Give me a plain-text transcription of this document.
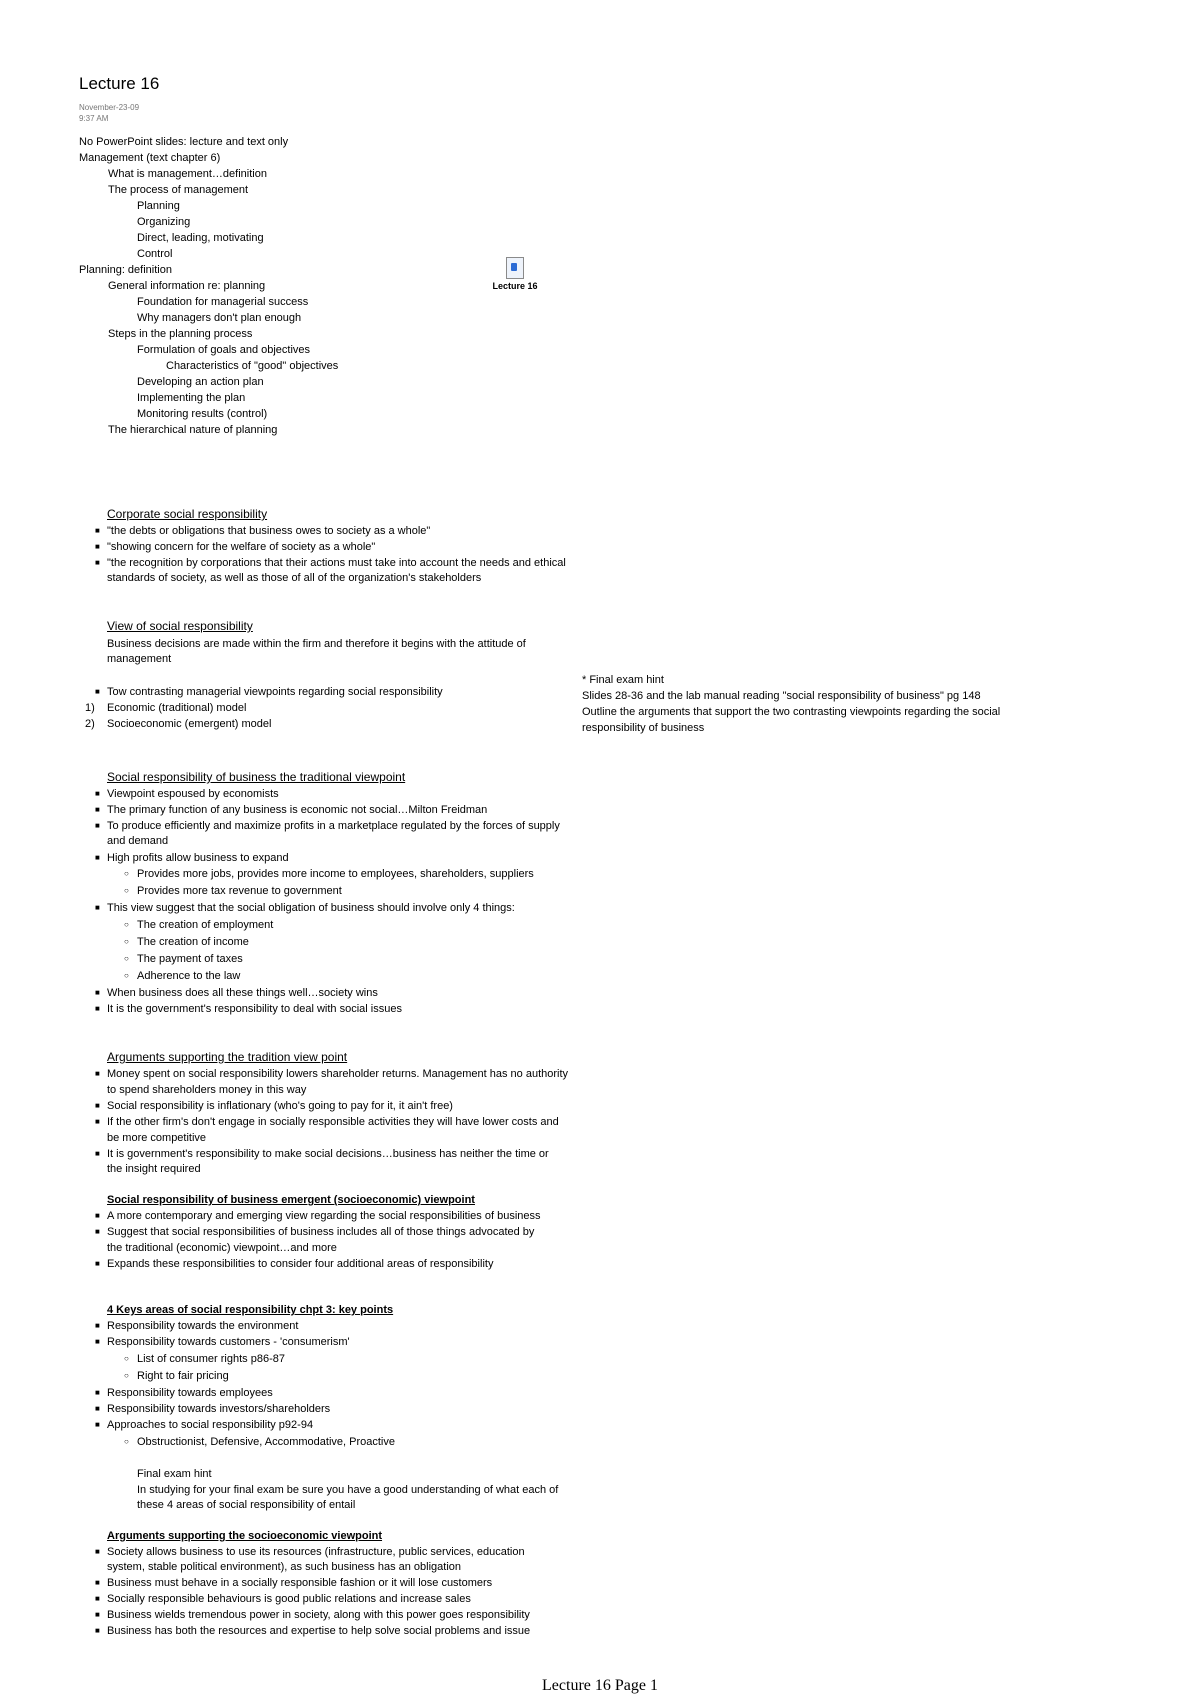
Lecture 16
November-23-09
9:37 AM
No PowerPoint slides: lecture and text only
Management (text chapter 6)
What is management…definition
The process of management
Planning
Organizing
Direct, leading, motivating
Control
Planning: definition
General information re: planning
Foundation for managerial success
Why managers don't plan enough
Steps in the planning process
Formulation of goals and objectives
Characteristics of "good" objectives
Developing an action plan
Implementing the plan
Monitoring results (control)
The hierarchical nature of planning
Lecture 16
Corporate social responsibility
■ "the debts or obligations that business owes to society as a whole"
■ "showing concern for the welfare of society as a whole"
■ "the recognition by corporations that their actions must take into account the needs and ethical
standards of society, as well as those of all of the organization's stakeholders
View of social responsibility
Business decisions are made within the firm and therefore it begins with the attitude of
management
■ Tow contrasting managerial viewpoints regarding social responsibility
1) Economic (traditional) model
2) Socioeconomic (emergent) model
* Final exam hint
Slides 28-36 and the lab manual reading "social responsibility of business" pg 148
Outline the arguments that support the two contrasting viewpoints regarding the social
responsibility of business
Social responsibility of business the traditional viewpoint
■ Viewpoint espoused by economists
■ The primary function of any business is economic not social…Milton Freidman
■ To produce efficiently and maximize profits in a marketplace regulated by the forces of supply
and demand
■ High profits allow business to expand
○ Provides more jobs, provides more income to employees, shareholders, suppliers
○ Provides more tax revenue to government
■ This view suggest that the social obligation of business should involve only 4 things:
○ The creation of employment
○ The creation of income
○ The payment of taxes
○ Adherence to the law
■ When business does all these things well…society wins
■ It is the government's responsibility to deal with social issues
Arguments supporting the tradition view point
■ Money spent on social responsibility lowers shareholder returns. Management has no authority
to spend shareholders money in this way
■ Social responsibility is inflationary (who's going to pay for it, it ain't free)
■ If the other firm's don't engage in socially responsible activities they will have lower costs and
be more competitive
■ It is government's responsibility to make social decisions…business has neither the time or
the insight required
Social responsibility of business emergent (socioeconomic) viewpoint
■ A more contemporary and emerging view regarding the social responsibilities of business
■ Suggest that social responsibilities of business includes all of those things advocated by
the traditional (economic) viewpoint…and more
■ Expands these responsibilities to consider four additional areas of responsibility
4 Keys areas of social responsibility chpt 3: key points
■ Responsibility towards the environment
■ Responsibility towards customers - 'consumerism'
○ List of consumer rights p86-87
○ Right to fair pricing
■ Responsibility towards employees
■ Responsibility towards investors/shareholders
■ Approaches to social responsibility p92-94
○ Obstructionist, Defensive, Accommodative, Proactive
Final exam hint
In studying for your final exam be sure you have a good understanding of what each of
these 4 areas of social responsibility of entail
Arguments supporting the socioeconomic viewpoint
■ Society allows business to use its resources (infrastructure, public services, education
system, stable political environment), as such business has an obligation
■ Business must behave in a socially responsible fashion or it will lose customers
■ Socially responsible behaviours is good public relations and increase sales
■ Business wields tremendous power in society, along with this power goes responsibility
■ Business has both the resources and expertise to help solve social problems and issue
Lecture 16 Page 1
